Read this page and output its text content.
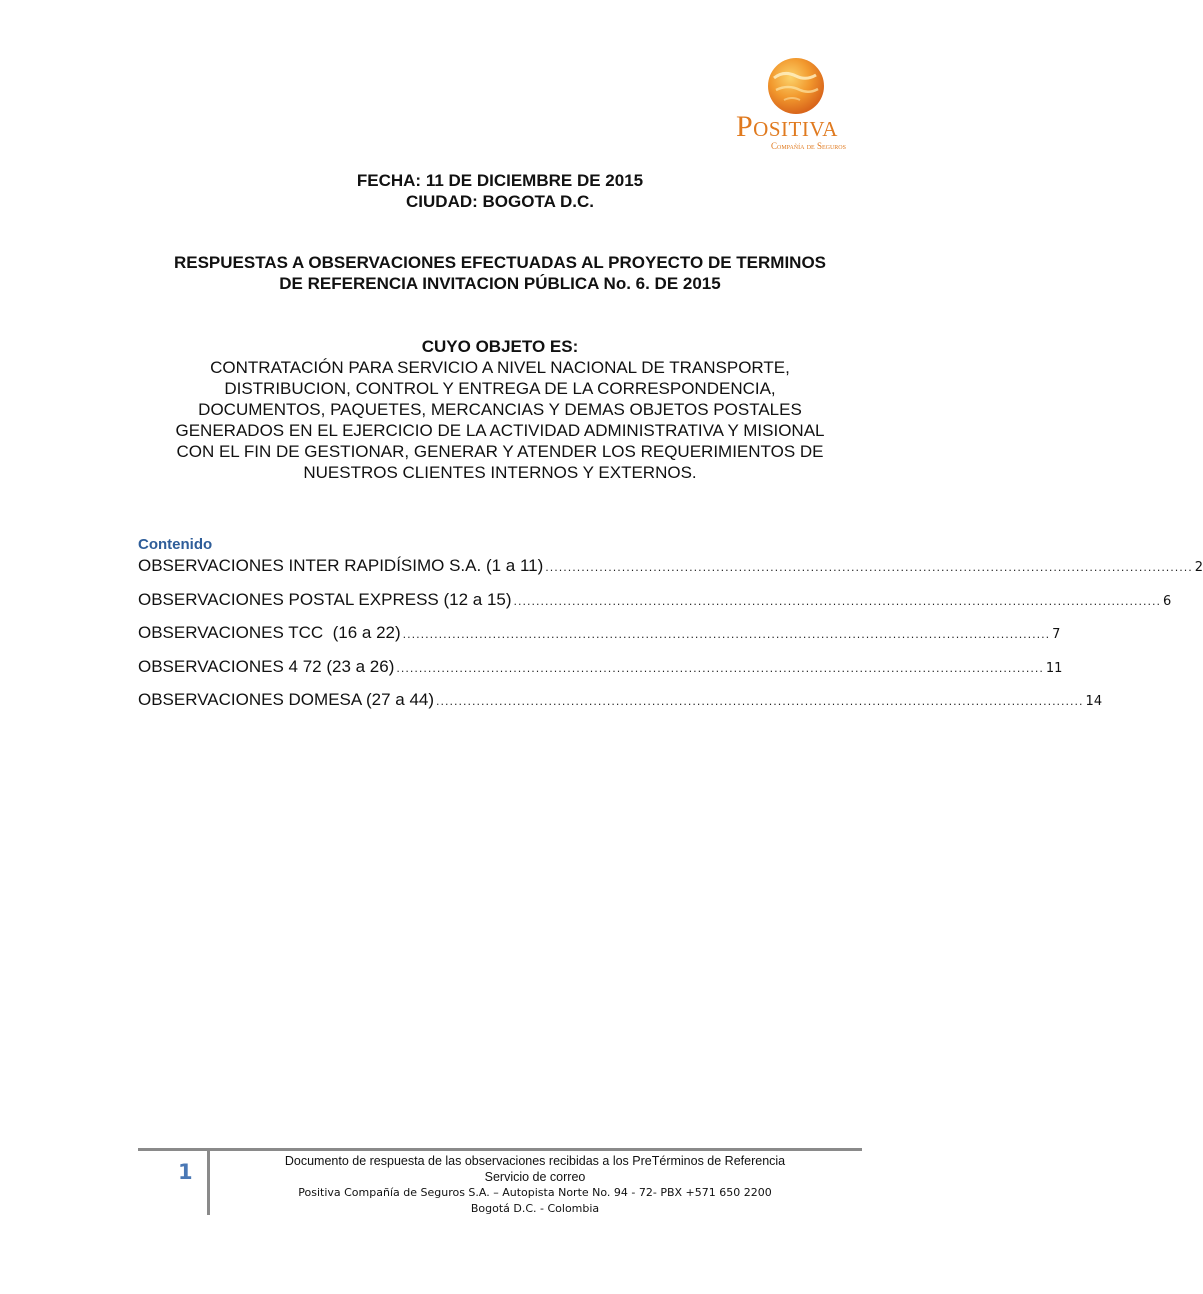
Positiva
Compañía de Seguros
FECHA: 11 DE DICIEMBRE DE 2015
CIUDAD: BOGOTA D.C.
RESPUESTAS A OBSERVACIONES EFECTUADAS AL PROYECTO DE TERMINOS
DE REFERENCIA INVITACION PÚBLICA No. 6. DE 2015
CUYO OBJETO ES:
CONTRATACIÓN PARA SERVICIO A NIVEL NACIONAL DE TRANSPORTE,
DISTRIBUCION, CONTROL Y ENTREGA DE LA CORRESPONDENCIA,
DOCUMENTOS, PAQUETES, MERCANCIAS Y DEMAS OBJETOS POSTALES
GENERADOS EN EL EJERCICIO DE LA ACTIVIDAD ADMINISTRATIVA Y MISIONAL
CON EL FIN DE GESTIONAR, GENERAR Y ATENDER LOS REQUERIMIENTOS DE
NUESTROS CLIENTES INTERNOS Y EXTERNOS.
Contenido
OBSERVACIONES INTER RAPIDÍSIMO S.A. (1 a 11) ................................................................................................................................................ 2
OBSERVACIONES POSTAL EXPRESS (12 a 15) ................................................................................................................................................ 6
OBSERVACIONES TCC  (16 a 22) ................................................................................................................................................ 7
OBSERVACIONES 4 72 (23 a 26) ................................................................................................................................................ 11
OBSERVACIONES DOMESA (27 a 44) ................................................................................................................................................ 14
1	Documento de respuesta de las observaciones recibidas a los PreTérminos de Referencia
Servicio de correo
Positiva Compañía de Seguros S.A. – Autopista Norte No. 94 - 72- PBX +571 650 2200
Bogotá D.C. - Colombia
